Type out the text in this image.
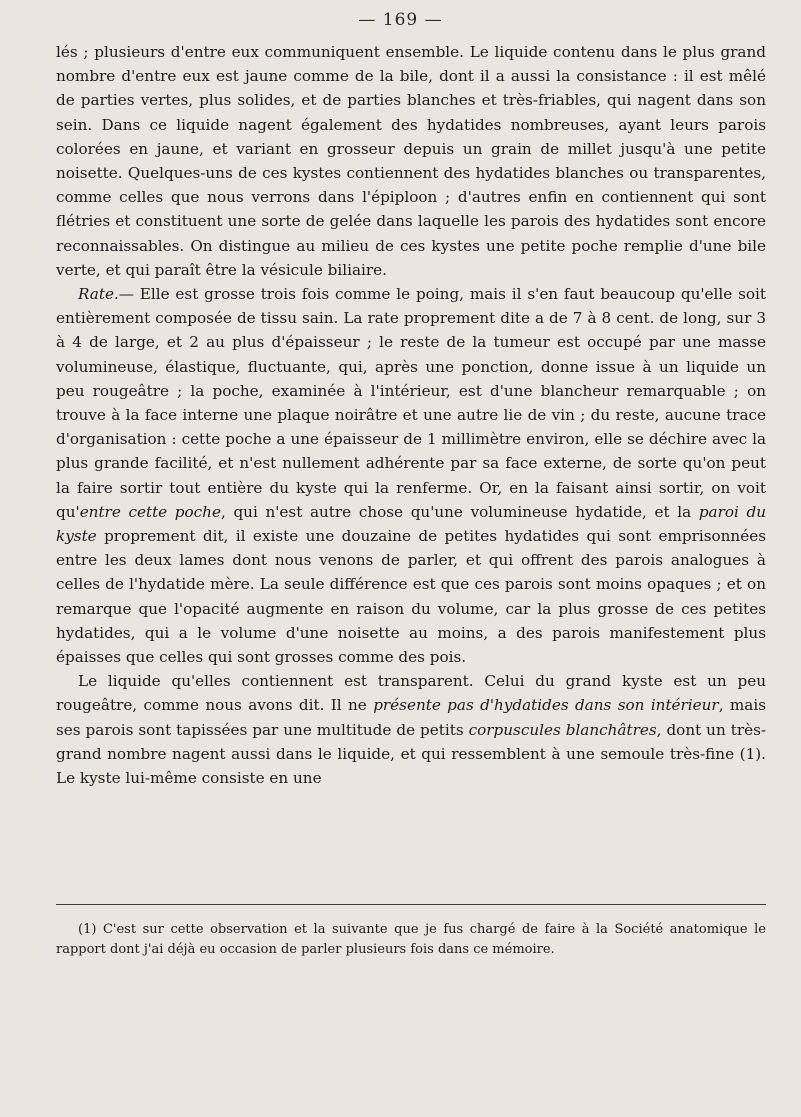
— 169 —

lés ; plusieurs d'entre eux communiquent ensemble. Le liquide contenu dans le plus grand nombre d'entre eux est jaune comme de la bile, dont il a aussi la consistance : il est mêlé de parties vertes, plus solides, et de parties blanches et très-friables, qui nagent dans son sein. Dans ce liquide nagent également des hydatides nombreuses, ayant leurs parois colorées en jaune, et variant en grosseur depuis un grain de millet jusqu'à une petite noisette. Quelques-uns de ces kystes contiennent des hydatides blanches ou transparentes, comme celles que nous verrons dans l'épiploon ; d'autres enfin en contiennent qui sont flétries et constituent une sorte de gelée dans laquelle les parois des hydatides sont encore reconnaissables. On distingue au milieu de ces kystes une petite poche remplie d'une bile verte, et qui paraît être la vésicule biliaire.

Rate.— Elle est grosse trois fois comme le poing, mais il s'en faut beaucoup qu'elle soit entièrement composée de tissu sain. La rate proprement dite a de 7 à 8 cent. de long, sur 3 à 4 de large, et 2 au plus d'épaisseur ; le reste de la tumeur est occupé par une masse volumineuse, élastique, fluctuante, qui, après une ponction, donne issue à un liquide un peu rougeâtre ; la poche, examinée à l'intérieur, est d'une blancheur remarquable ; on trouve à la face interne une plaque noirâtre et une autre lie de vin ; du reste, aucune trace d'organisation : cette poche a une épaisseur de 1 millimètre environ, elle se déchire avec la plus grande facilité, et n'est nullement adhérente par sa face externe, de sorte qu'on peut la faire sortir tout entière du kyste qui la renferme. Or, en la faisant ainsi sortir, on voit qu'entre cette poche, qui n'est autre chose qu'une volumineuse hydatide, et la paroi du kyste proprement dit, il existe une douzaine de petites hydatides qui sont emprisonnées entre les deux lames dont nous venons de parler, et qui offrent des parois analogues à celles de l'hydatide mère. La seule différence est que ces parois sont moins opaques ; et on remarque que l'opacité augmente en raison du volume, car la plus grosse de ces petites hydatides, qui a le volume d'une noisette au moins, a des parois manifestement plus épaisses que celles qui sont grosses comme des pois.

Le liquide qu'elles contiennent est transparent. Celui du grand kyste est un peu rougeâtre, comme nous avons dit. Il ne présente pas d'hydatides dans son intérieur, mais ses parois sont tapissées par une multitude de petits corpuscules blanchâtres, dont un très-grand nombre nagent aussi dans le liquide, et qui ressemblent à une semoule très-fine (1). Le kyste lui-même consiste en une

(1) C'est sur cette observation et la suivante que je fus chargé de faire à la Société anatomique le rapport dont j'ai déjà eu occasion de parler plusieurs fois dans ce mémoire.
